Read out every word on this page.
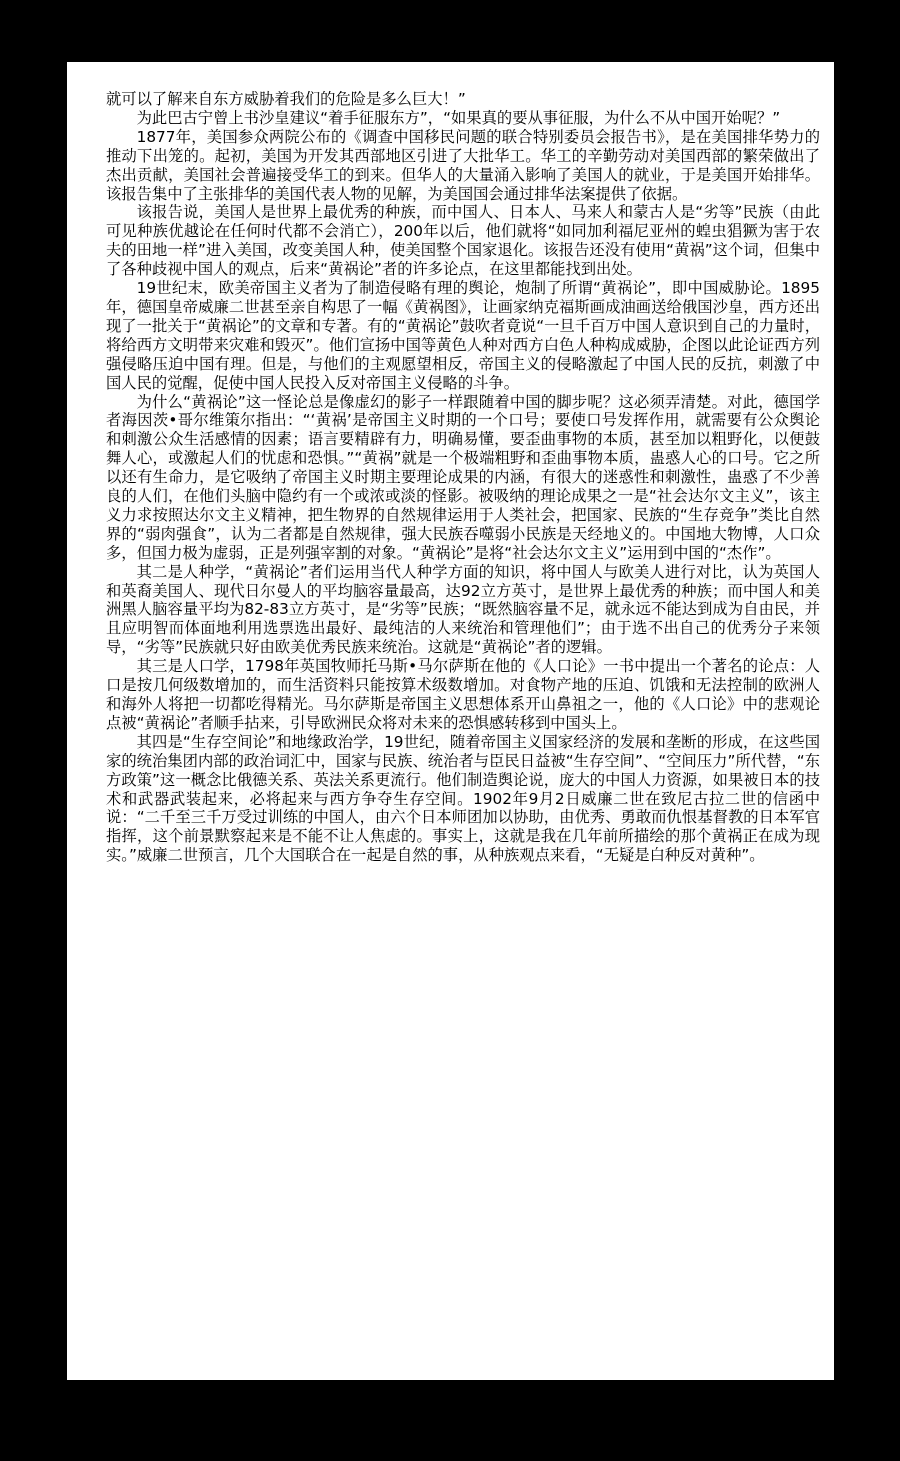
就可以了解来自东方威胁着我们的危险是多么巨大！”

为此巴古宁曾上书沙皇建议“着手征服东方”，“如果真的要从事征服，为什么不从中国开始呢？”

1877年，美国参众两院公布的《调查中国移民问题的联合特别委员会报告书》，是在美国排华势力的推动下出笼的。起初，美国为开发其西部地区引进了大批华工。华工的辛勤劳动对美国西部的繁荣做出了杰出贡献，美国社会普遍接受华工的到来。但华人的大量涌入影响了美国人的就业，于是美国开始排华。该报告集中了主张排华的美国代表人物的见解，为美国国会通过排华法案提供了依据。

该报告说，美国人是世界上最优秀的种族，而中国人、日本人、马来人和蒙古人是“劣等”民族（由此可见种族优越论在任何时代都不会消亡），200年以后，他们就将“如同加利福尼亚州的蝗虫猖獗为害于农夫的田地一样”进入美国，改变美国人种，使美国整个国家退化。该报告还没有使用“黄祸”这个词，但集中了各种歧视中国人的观点，后来“黄祸论”者的许多论点，在这里都能找到出处。

19世纪末，欧美帝国主义者为了制造侵略有理的舆论，炮制了所谓“黄祸论”，即中国威胁论。1895年，德国皇帝威廉二世甚至亲自构思了一幅《黄祸图》，让画家纳克福斯画成油画送给俄国沙皇，西方还出现了一批关于“黄祸论”的文章和专著。有的“黄祸论”鼓吹者竟说“一旦千百万中国人意识到自己的力量时，将给西方文明带来灾难和毁灭”。他们宣扬中国等黄色人种对西方白色人种构成威胁，企图以此论证西方列强侵略压迫中国有理。但是，与他们的主观愿望相反，帝国主义的侵略激起了中国人民的反抗，刺激了中国人民的觉醒，促使中国人民投入反对帝国主义侵略的斗争。

为什么“黄祸论”这一怪论总是像虚幻的影子一样跟随着中国的脚步呢？这必须弄清楚。对此，德国学者海因茨•哥尔维策尔指出：“‘黄祸’是帝国主义时期的一个口号；要使口号发挥作用，就需要有公众舆论和刺激公众生活感情的因素；语言要精辟有力，明确易懂，要歪曲事物的本质，甚至加以粗野化，以便鼓舞人心，或激起人们的忧虑和恐惧。”“黄祸”就是一个极端粗野和歪曲事物本质，蛊惑人心的口号。它之所以还有生命力，是它吸纳了帝国主义时期主要理论成果的内涵，有很大的迷惑性和刺激性，蛊惑了不少善良的人们，在他们头脑中隐约有一个或浓或淡的怪影。被吸纳的理论成果之一是“社会达尔文主义”，该主义力求按照达尔文主义精神，把生物界的自然规律运用于人类社会，把国家、民族的“生存竞争”类比自然界的“弱肉强食”，认为二者都是自然规律，强大民族吞噬弱小民族是天经地义的。中国地大物博，人口众多，但国力极为虚弱，正是列强宰割的对象。“黄祸论”是将“社会达尔文主义”运用到中国的“杰作”。

其二是人种学，“黄祸论”者们运用当代人种学方面的知识，将中国人与欧美人进行对比，认为英国人和英裔美国人、现代日尔曼人的平均脑容量最高，达92立方英寸，是世界上最优秀的种族；而中国人和美洲黑人脑容量平均为82-83立方英寸，是“劣等”民族；“既然脑容量不足，就永远不能达到成为自由民，并且应明智而体面地利用选票选出最好、最纯洁的人来统治和管理他们”；由于选不出自己的优秀分子来领导，“劣等”民族就只好由欧美优秀民族来统治。这就是“黄祸论”者的逻辑。

其三是人口学，1798年英国牧师托马斯•马尔萨斯在他的《人口论》一书中提出一个著名的论点：人口是按几何级数增加的，而生活资料只能按算术级数增加。对食物产地的压迫、饥饿和无法控制的欧洲人和海外人将把一切都吃得精光。马尔萨斯是帝国主义思想体系开山鼻祖之一，他的《人口论》中的悲观论点被“黄祸论”者顺手拈来，引导欧洲民众将对未来的恐惧感转移到中国头上。

其四是“生存空间论”和地缘政治学，19世纪，随着帝国主义国家经济的发展和垄断的形成，在这些国家的统治集团内部的政治词汇中，国家与民族、统治者与臣民日益被“生存空间”、“空间压力”所代替，“东方政策”这一概念比俄德关系、英法关系更流行。他们制造舆论说，庞大的中国人力资源，如果被日本的技术和武器武装起来，必将起来与西方争夺生存空间。1902年9月2日威廉二世在致尼古拉二世的信函中说：“二千至三千万受过训练的中国人，由六个日本师团加以协助，由优秀、勇敢而仇恨基督教的日本军官指挥，这个前景默察起来是不能不让人焦虑的。事实上，这就是我在几年前所描绘的那个黄祸正在成为现实。”威廉二世预言，几个大国联合在一起是自然的事，从种族观点来看，“无疑是白种反对黄种”。
